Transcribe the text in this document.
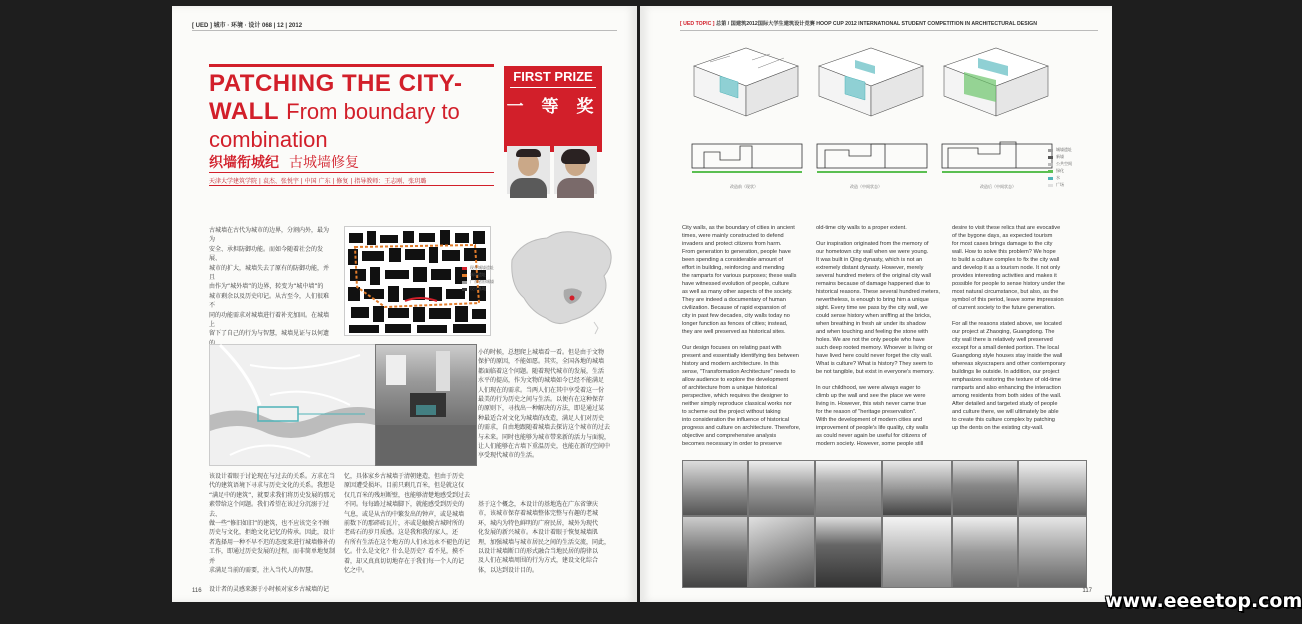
[ UED ] 城市 · 环境 · 设计 068 | 12 | 2012
PATCHING THE CITY-
WALL From boundary to
combination
织墙衔城纪 古城墙修复
天津大学建筑学院 | 袁杰、张悦宇 | 中国 广东 | 修复 | 指导教师：王志刚、张玥璐
FIRST PRIZE
一 等 奖
古城墙在古代为城市的边界，分割内外，最为为
安全、承担防御功能。而如今随着社会的发展、
城市的扩大，城墙失去了原有的防御功能，并且
由作为“城外墙”的边界，转变为“城中墙”的
城市剩余以及历史印记。从古至今，人们很难不
同的功能需求对城墙进行着补充加固。在城墙上
留下了自己的行为与智慧，城墙见证与以何遗

现存城墙遗址
城墙遗址
广东省府城墙
设计基地
该设计着眼于讨论现在与过去的关系。方求在当
代的建筑语境下寻求与历史文化的关系。我想是
“满足中的建筑”，就要求我们将历史发展的那元
素带给这个问题。我们希望在该过分沉溺于过去、
做一些“修旧如旧”的建筑，也不应该完全不顾
历史与文化，拒绝文化记忆的传承。因此，设计
者选择用一种不早不迟的态度来进行城墙修补的
工作，即通过历史发展的过程，而非简单地复制并
求满足当前的需要，注入当代人的智慧。

设计者的灵感来源于小时候对家乡古城墙的记
忆，具体家乡古城墙于清朝建造，但由于历史
原因遭受损坏。目前只剩几百米，但是就这仅
仅几百米的残垣断壁，也能够清楚地感受到过去
不同。每每路过城墙脚下，就能感受到历史的
气息，或是从古的中繁发出的钟声，或是城墙
前数下的那碎砖瓦片，亦或是触摸古城时所的
老砖石的岁月质感。这是我和我的家人，还
有所有生活在这个地方的人们永远永不褪色的记
忆。什么是文化？什么是历史？看不见，摸不
着，却又真真切切地存在于我们每一个人的记
忆之中。
小的时候，总想爬上城墙看一看。但是由于文物
保护的原因，不能如愿。其实，全国各地的城墙
都面临着这个问题。随着现代城市的发展，生活
水平的提高，作为文物的城墙如今已经不能满足
人们现在的需求。当两人们在其中享受着这一份
最美的行为历史之间与生活。以便有在这种保存
的原则下，寻找出一种解决的方法，即是通过某
种最适合对文化为城墙的改造，满足人们对历史
的需求，自由地跟随着城墙去探访这个城市的过去
与未来。同时也能够为城市带来新的活力与面貌，
让人们能够在古墙下重温历史，也能在新的空间中
享受现代城市的生活。
基于这个概念，本设计的基地选在广东省肇庆
市，该城市保存着城墙整体完整与有趣的老城
环，城内为特色鲜明的广府民居，城外为现代
化发展的新兴城市。本设计着眼于恢复城墙肌
理，加强城墙与城市居民之间的生活交流，同此，
以设计城墙断口的形式融合当地民居的韵律以
及人们在城墙周围的行为方式，建设文化综合
体，以达到设计目的。
116
[ UED TOPIC ] 总第 / 国建筑2012国际大学生建筑设计竞赛 HOOP CUP 2012 INTERNATIONAL STUDENT COMPETITION IN ARCHITECTURAL DESIGN
改造前（现状）	改造（中间状态）	改造后（中间状态）
城墙遗址
新墙
公共空间
绿化
水
广场
City walls, as the boundary of cities in ancient
times, were mainly constructed to defend
invaders and protect citizens from harm.
From generation to generation, people have
been spending a considerable amount of
effort in building, reinforcing and mending
the ramparts for various purposes; these walls
have witnessed evolution of people, culture
as well as many other aspects of the society.
They are indeed a documentary of human
civilization. Because of rapid expansion of
city in past few decades, city walls today no
longer function as fences of cities; instead,
they are well preserved as historical sites.

Our design focuses on relating past with
present and essentially identifying ties between
history and modern architecture. In this
sense, "Transformation Architecture" needs to
allow audience to explore the development
of architecture from a unique historical
perspective, which requires the designer to
neither simply reproduce classical works nor
to scheme out the project without taking
into consideration the influence of historical
progress and culture on architecture. Therefore,
objective and comprehensive analysis
becomes necessary in order to preserve
old-time city walls to a proper extent.

Our inspiration originated from the memory of
our hometown city wall when we were young.
It was built in Qing dynasty, which is not an
extremely distant dynasty. However, merely
several hundred meters of the original city wall
remains because of damage happened due to
historical reasons. These several hundred meters,
nevertheless, is enough to bring him a unique
sight. Every time we pass by the city wall, we
could sense history when sniffing at the bricks,
when breathing in fresh air under its shadow
and when touching and feeling the stone with
holes. We are not the only people who have
such deep rooted memory. Whoever is living or
have lived here could never forget the city wall.
What is culture? What is history? They seem to
be not tangible, but exist in everyone's memory.

In our childhood, we were always eager to
climb up the wall and see the place we were
living in. However, this wish never came true
for the reason of "heritage preservation".
With the development of modern cities and
improvement of people's life quality, city walls
as could never again be useful for citizens of
modern society. However, some people still
desire to visit these relics that are evocative
of the bygone days, as expected tourism
for most cases brings damage to the city
wall. How to solve this problem? We hope
to build a culture complex to fix the city wall
and develop it as a tourism node. It not only
provides interesting activities and makes it
possible for people to sense history under the
most natural circumstance, but also, as the
symbol of this period, leave some impression
of current society to the future generation.

For all the reasons stated above, we located
our project at Zhaoqing, Guangdong. The
city wall there is relatively well preserved
except for a small dented portion. The local
Guangdong style houses stay inside the wall
whereas skyscrapers and other contemporary
buildings lie outside. In addition, our project
emphasizes restoring the texture of old-time
ramparts and also enhancing the interaction
among residents from both sides of the wall.
After detailed and targeted study of people
and culture there, we will ultimately be able
to create this culture complex by patching
up the dents on the existing city-wall.
117 www.eeeetop.com
